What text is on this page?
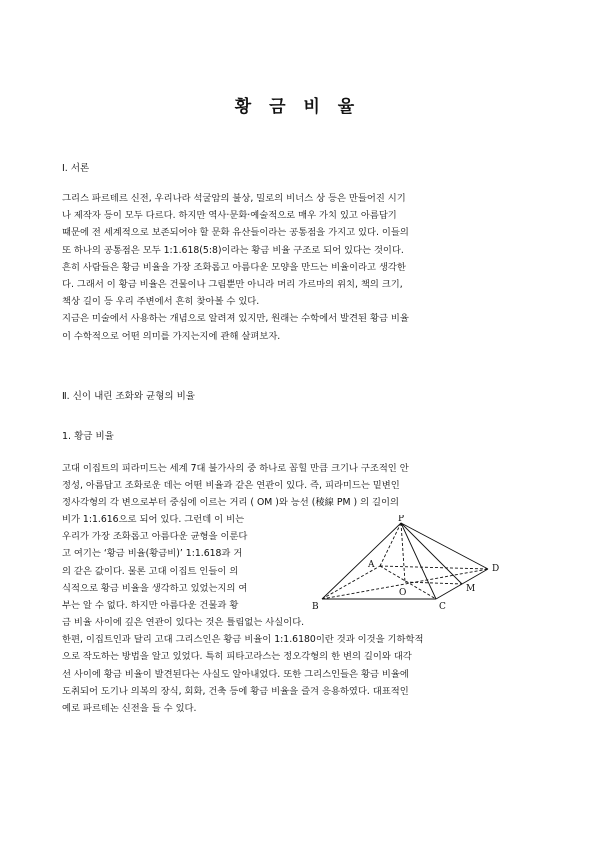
황 금 비 율
Ⅰ. 서론
그리스 파르테르 신전, 우리나라 석굴암의 불상, 밀로의 비너스 상 등은 만들어진 시기
나 제작자 등이 모두 다르다. 하지만 역사·문화·예술적으로 매우 가치 있고 아름답기
때문에 전 세계적으로 보존되어야 할 문화 유산들이라는 공통점을 가지고 있다. 이들의
또 하나의 공통점은 모두 1:1.618(5:8)이라는 황금 비율 구조로 되어 있다는 것이다.
흔히 사람들은 황금 비율을 가장 조화롭고 아름다운 모양을 만드는 비율이라고 생각한
다. 그래서 이 황금 비율은 건물이나 그림뿐만 아니라 머리 가르마의 위치, 책의 크기,
책상 길이 등 우리 주변에서 흔히 찾아볼 수 있다.
지금은 미술에서 사용하는 개념으로 알려져 있지만, 원래는 수학에서 발견된 황금 비율
이 수학적으로 어떤 의미를 가지는지에 관해 살펴보자.
Ⅱ. 신이 내린 조화와 균형의 비율
1. 황금 비율
고대 이집트의 피라미드는 세계 7대 불가사의 중 하나로 꼽힐 만큼 크기나 구조적인 안
정성, 아름답고 조화로운 데는 어떤 비율과 같은 연관이 있다. 즉, 피라미드는 밑변인
정사각형의 각 변으로부터 중심에 이르는 거리 ( OM )와 능선 (稜線 PM ) 의 길이의
비가 1:1.616으로 되어 있다. 그런데 이 비는
우리가 가장 조화롭고 아름다운 균형을 이룬다
고 여기는 ‘황금 비율(황금비)’ 1:1.618과 거
의 같은 값이다. 물론 고대 이집트 인들이 의
식적으로 황금 비율을 생각하고 있었는지의 여
부는 알 수 없다. 하지만 아름다운 건물과 황
금 비율 사이에 깊은 연관이 있다는 것은 틀림없는 사실이다.
한편, 이집트인과 달리 고대 그리스인은 황금 비율이 1:1.6180이란 것과 이것을 기하학적
으로 작도하는 방법을 알고 있었다. 특히 피타고라스는 정오각형의 한 변의 길이와 대각
선 사이에 황금 비율이 발견된다는 사실도 알아내었다. 또한 그리스인들은 황금 비율에
도취되어 도기나 의복의 장식, 회화, 건축 등에 황금 비율을 즐겨 응용하였다. 대표적인
예로 파르테논 신전을 들 수 있다.
P
A
B
O
C
D
M
